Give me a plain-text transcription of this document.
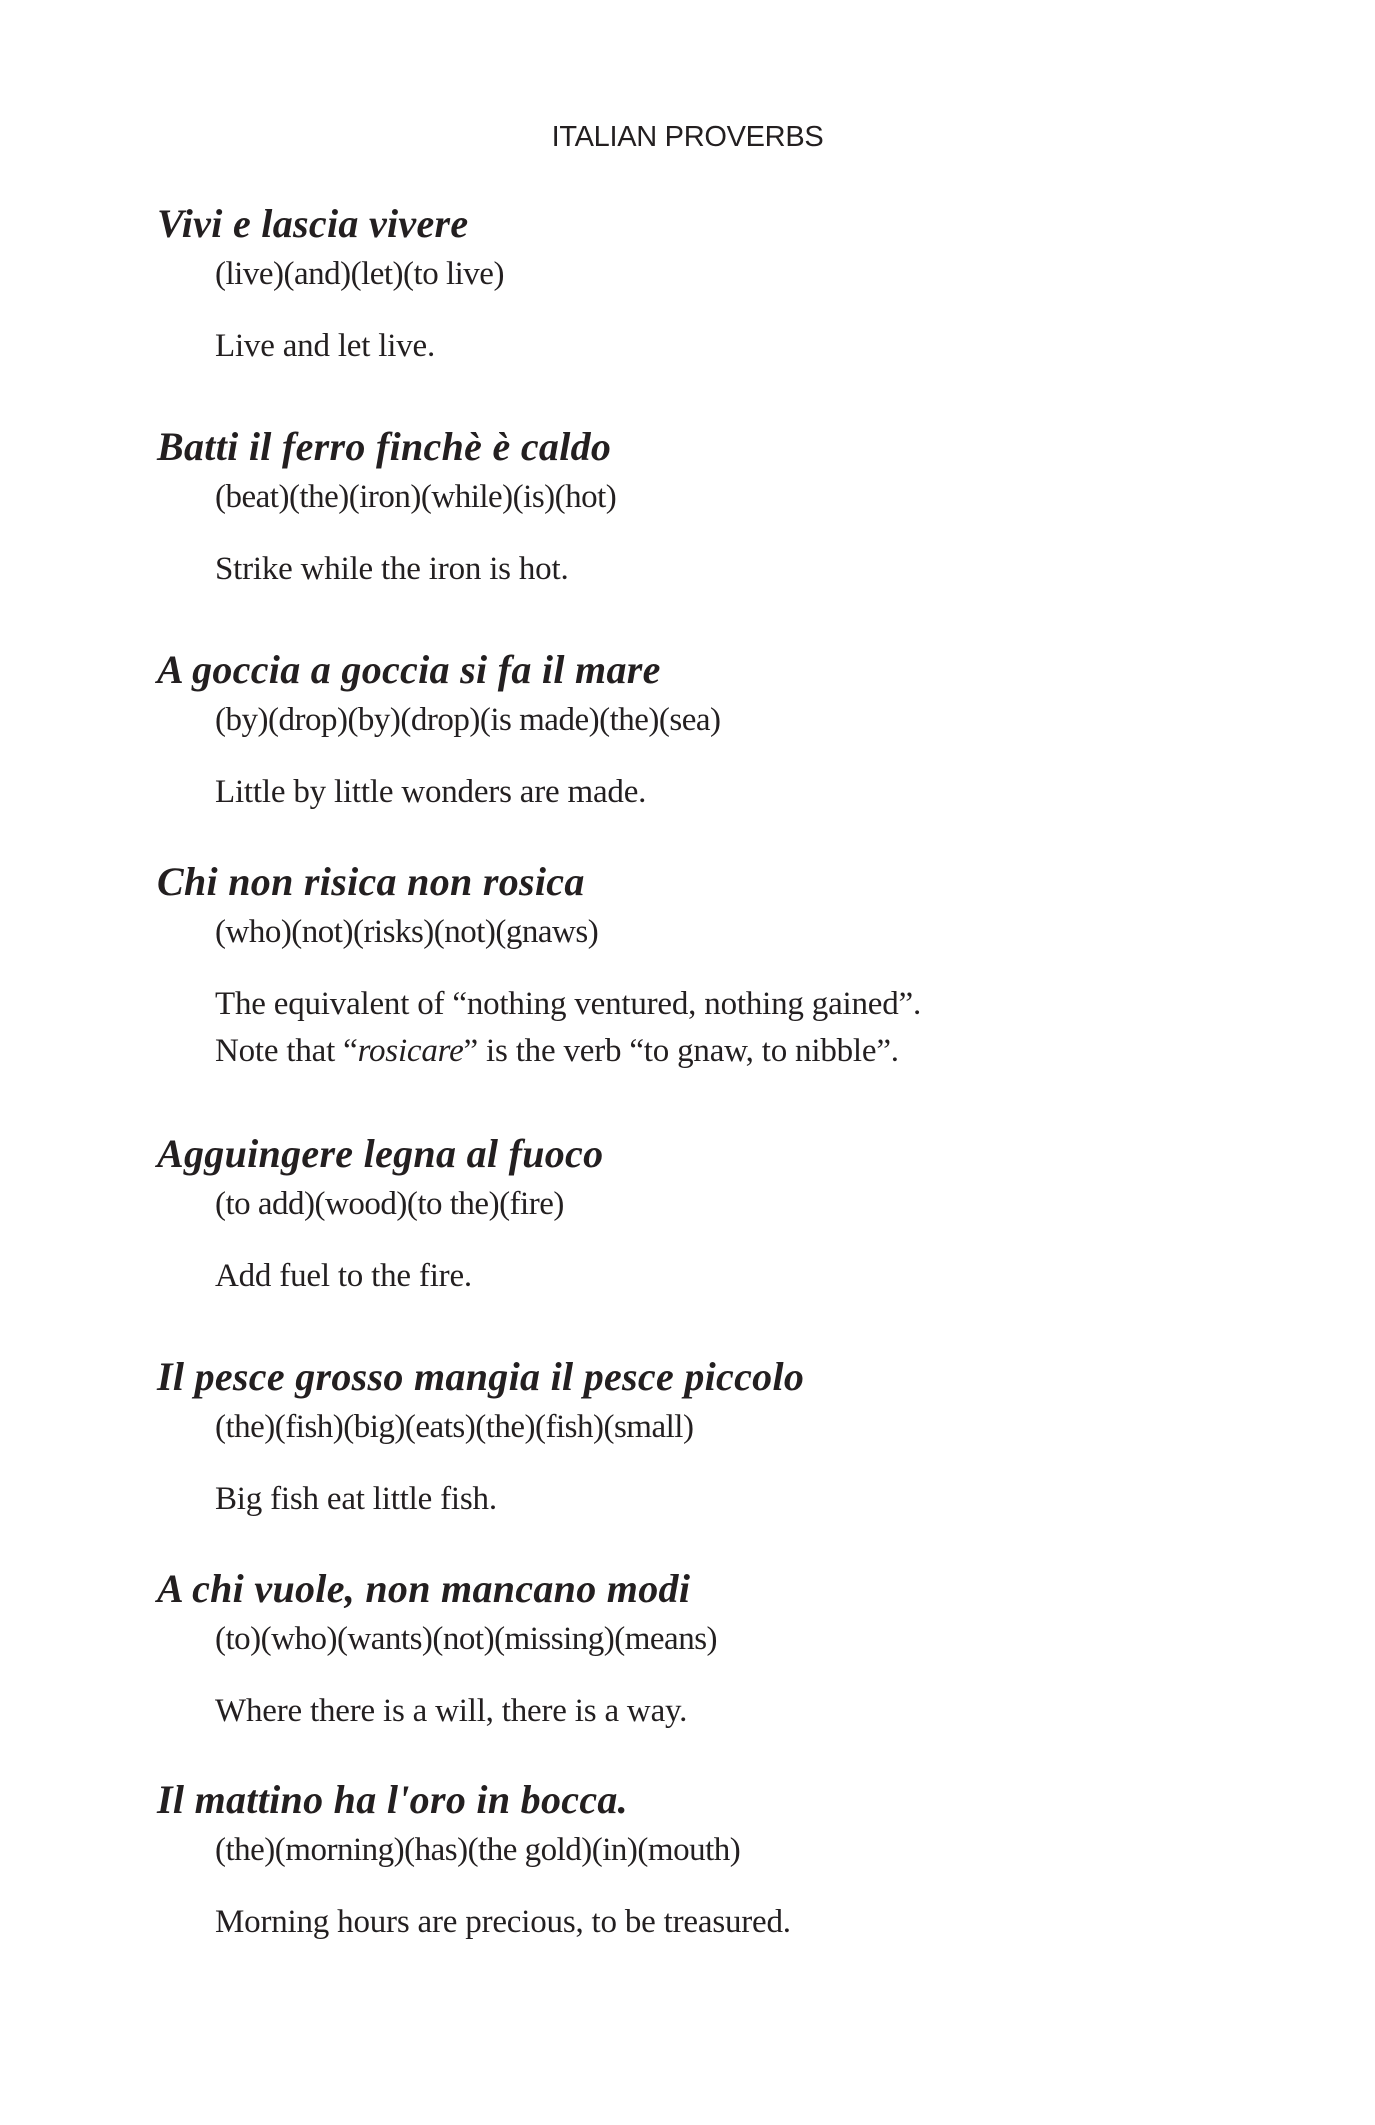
ITALIAN PROVERBS
Vivi e lascia vivere
(live)(and)(let)(to live)
Live and let live.
Batti il ferro finchè è caldo
(beat)(the)(iron)(while)(is)(hot)
Strike while the iron is hot.
A goccia a goccia si fa il mare
(by)(drop)(by)(drop)(is made)(the)(sea)
Little by little wonders are made.
Chi non risica non rosica
(who)(not)(risks)(not)(gnaws)
The equivalent of “nothing ventured, nothing gained”.
Note that “rosicare” is the verb “to gnaw, to nibble”.
Agguingere legna al fuoco
(to add)(wood)(to the)(fire)
Add fuel to the fire.
Il pesce grosso mangia il pesce piccolo
(the)(fish)(big)(eats)(the)(fish)(small)
Big fish eat little fish.
A chi vuole, non mancano modi
(to)(who)(wants)(not)(missing)(means)
Where there is a will, there is a way.
Il mattino ha l'oro in bocca.
(the)(morning)(has)(the gold)(in)(mouth)
Morning hours are precious, to be treasured.
